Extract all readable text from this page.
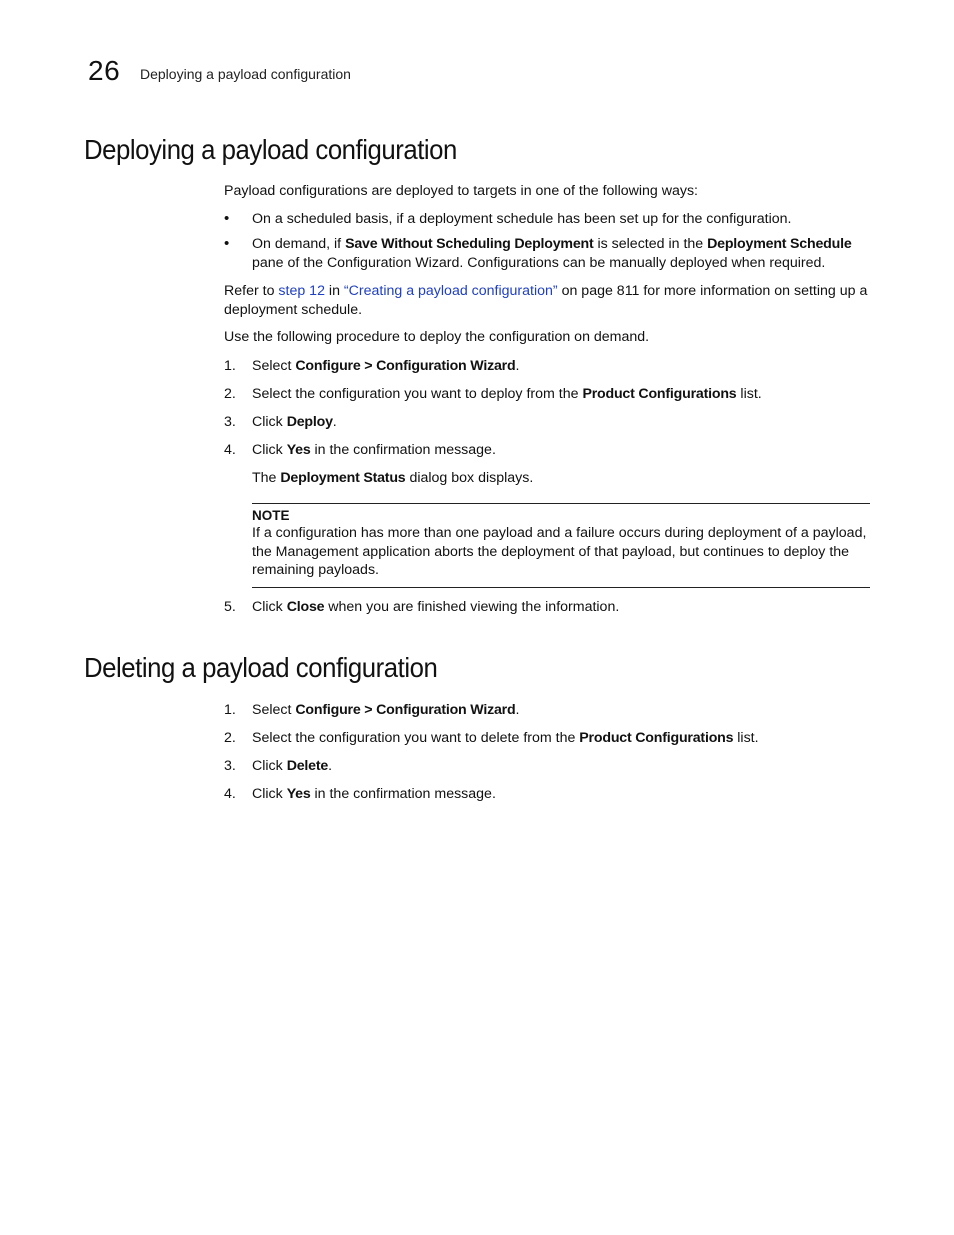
26 Deploying a payload configuration
Deploying a payload configuration
Payload configurations are deployed to targets in one of the following ways:
• On a scheduled basis, if a deployment schedule has been set up for the configuration.
• On demand, if Save Without Scheduling Deployment is selected in the Deployment Schedule pane of the Configuration Wizard. Configurations can be manually deployed when required.
Refer to step 12 in “Creating a payload configuration” on page 811 for more information on setting up a deployment schedule.
Use the following procedure to deploy the configuration on demand.
1. Select Configure > Configuration Wizard.
2. Select the configuration you want to deploy from the Product Configurations list.
3. Click Deploy.
4. Click Yes in the confirmation message.
The Deployment Status dialog box displays.
NOTE
If a configuration has more than one payload and a failure occurs during deployment of a payload, the Management application aborts the deployment of that payload, but continues to deploy the remaining payloads.
5. Click Close when you are finished viewing the information.
Deleting a payload configuration
1. Select Configure > Configuration Wizard.
2. Select the configuration you want to delete from the Product Configurations list.
3. Click Delete.
4. Click Yes in the confirmation message.
